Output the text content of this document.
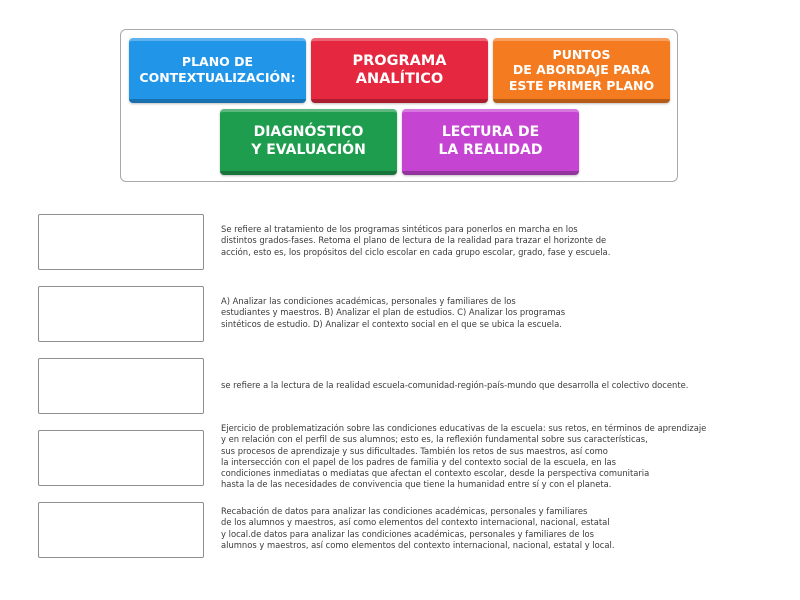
PLANO DE
CONTEXTUALIZACIÓN:
PROGRAMA
ANALÍTICO
PUNTOS
DE ABORDAJE PARA
ESTE PRIMER PLANO
DIAGNÓSTICO
Y EVALUACIÓN
LECTURA DE
LA REALIDAD
Se refiere al tratamiento de los programas sintéticos para ponerlos en marcha en los
distintos grados-fases. Retoma el plano de lectura de la realidad para trazar el horizonte de
acción, esto es, los propósitos del ciclo escolar en cada grupo escolar, grado, fase y escuela.
A) Analizar las condiciones académicas, personales y familiares de los
estudiantes y maestros. B) Analizar el plan de estudios. C) Analizar los programas
sintéticos de estudio. D) Analizar el contexto social en el que se ubica la escuela.
se refiere a la lectura de la realidad escuela-comunidad-región-país-mundo que desarrolla el colectivo docente.
Ejercicio de problematización sobre las condiciones educativas de la escuela: sus retos, en términos de aprendizaje
y en relación con el perfil de sus alumnos; esto es, la reflexión fundamental sobre sus características,
sus procesos de aprendizaje y sus dificultades. También los retos de sus maestros, así como
la intersección con el papel de los padres de familia y del contexto social de la escuela, en las
condiciones inmediatas o mediatas que afectan el contexto escolar, desde la perspectiva comunitaria
hasta la de las necesidades de convivencia que tiene la humanidad entre sí y con el planeta.
Recabación de datos para analizar las condiciones académicas, personales y familiares
de los alumnos y maestros, así como elementos del contexto internacional, nacional, estatal
y local.de datos para analizar las condiciones académicas, personales y familiares de los
alumnos y maestros, así como elementos del contexto internacional, nacional, estatal y local.
